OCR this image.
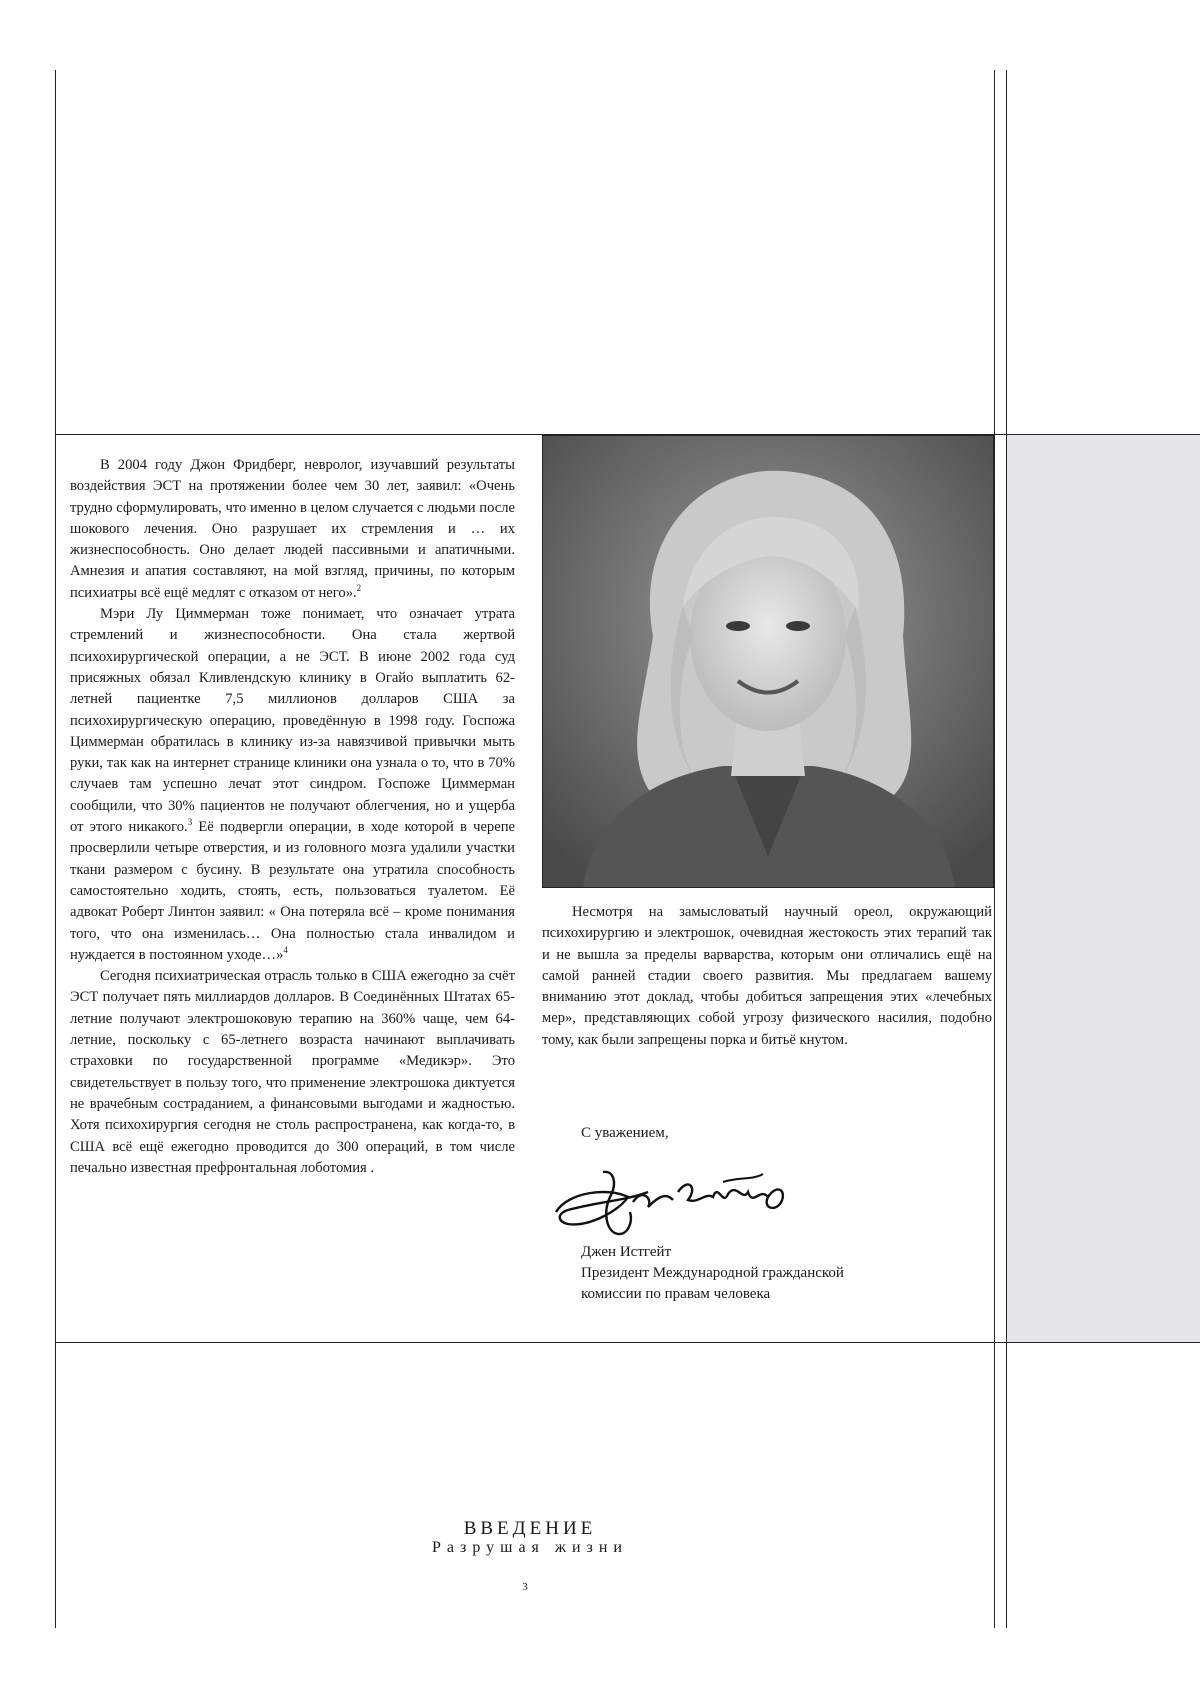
В 2004 году Джон Фридберг, невролог, изучавший результаты воздействия ЭСТ на протяжении более чем 30 лет, заявил: «Очень трудно сформулировать, что именно в целом случается с людьми после шокового лечения. Оно разрушает их стремления и … их жизнеспособность. Оно делает людей пассивными и апатичными. Амнезия и апатия составляют, на мой взгляд, причины, по которым психиатры всё ещё медлят с отказом от него».2

Мэри Лу Циммерман тоже понимает, что означает утрата стремлений и жизнеспособности. Она стала жертвой психохирургической операции, а не ЭСТ. В июне 2002 года суд присяжных обязал Кливлендскую клинику в Огайо выплатить 62-летней пациентке 7,5 миллионов долларов США за психохирургическую операцию, проведённую в 1998 году. Госпожа Циммерман обратилась в клинику из-за навязчивой привычки мыть руки, так как на интернет странице клиники она узнала о то, что в 70% случаев там успешно лечат этот синдром. Госпоже Циммерман сообщили, что 30% пациентов не получают облегчения, но и ущерба от этого никакого.3 Её подвергли операции, в ходе которой в черепе просверлили четыре отверстия, и из головного мозга удалили участки ткани размером с бусину. В результате она утратила способность самостоятельно ходить, стоять, есть, пользоваться туалетом. Её адвокат Роберт Линтон заявил: « Она потеряла всё – кроме понимания того, что она изменилась… Она полностью стала инвалидом и нуждается в постоянном уходе…»4

Сегодня психиатрическая отрасль только в США ежегодно за счёт ЭСТ получает пять миллиардов долларов. В Соединённых Штатах 65-летние получают электрошоковую терапию на 360% чаще, чем 64-летние, поскольку с 65-летнего возраста начинают выплачивать страховки по государственной программе «Медикэр». Это свидетельствует в пользу того, что применение электрошока диктуется не врачебным состраданием, а финансовыми выгодами и жадностью. Хотя психохирургия сегодня не столь распространена, как когда-то, в США всё ещё ежегодно проводится до 300 операций, в том числе печально известная префронтальная лоботомия .

Несмотря на замысловатый научный ореол, окружающий психохирургию и электрошок, очевидная жестокость этих терапий так и не вышла за пределы варварства, которым они отличались ещё на самой ранней стадии своего развития. Мы предлагаем вашему вниманию этот доклад, чтобы добиться запрещения этих «лечебных мер», представляющих собой угрозу физического насилия, подобно тому, как были запрещены порка и битьё кнутом.

С уважением,
Джен Истгейт
Президент Международной гражданской
комиссии по правам человека
ВВЕДЕНИЕ
Разрушая жизни
3
